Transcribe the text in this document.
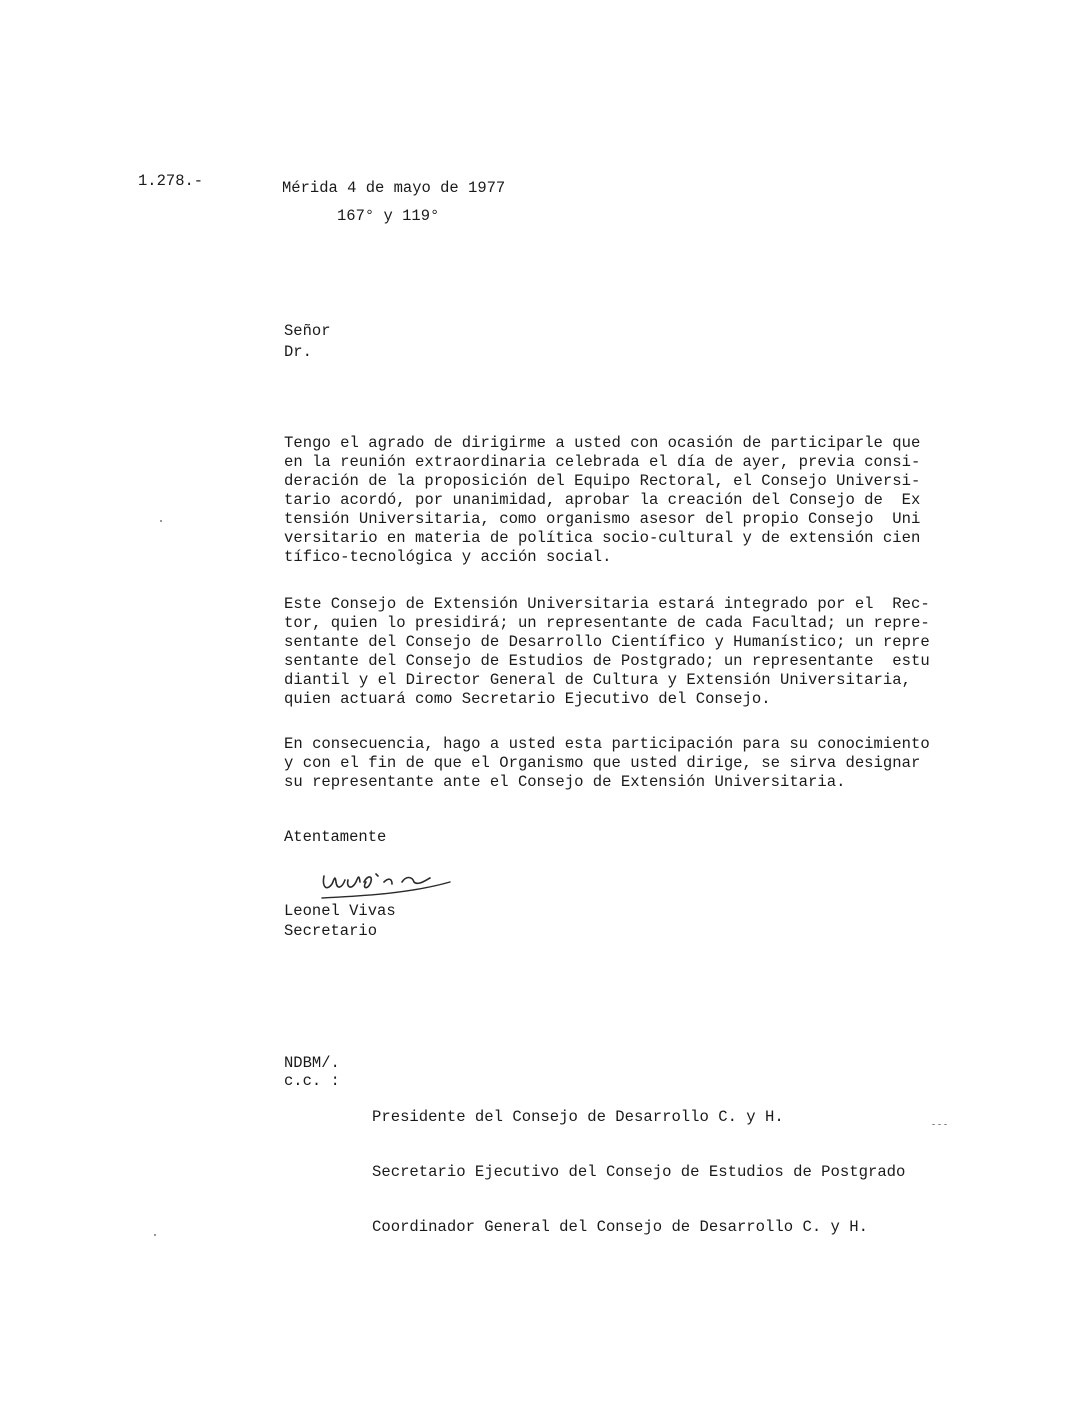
1.278.-	Mérida 4 de mayo de 1977
167° y 119°
Señor
Dr.
Tengo el agrado de dirigirme a usted con ocasión de participarle que
en la reunión extraordinaria celebrada el día de ayer, previa consi-
deración de la proposición del Equipo Rectoral, el Consejo Universi-
tario acordó, por unanimidad, aprobar la creación del Consejo de  Ex
tensión Universitaria, como organismo asesor del propio Consejo  Uni
versitario en materia de política socio-cultural y de extensión cien
tífico-tecnológica y acción social.
Este Consejo de Extensión Universitaria estará integrado por el  Rec-
tor, quien lo presidirá; un representante de cada Facultad; un repre-
sentante del Consejo de Desarrollo Científico y Humanístico; un repre
sentante del Consejo de Estudios de Postgrado; un representante  estu
diantil y el Director General de Cultura y Extensión Universitaria,
quien actuará como Secretario Ejecutivo del Consejo.
En consecuencia, hago a usted esta participación para su conocimiento
y con el fin de que el Organismo que usted dirige, se sirva designar
su representante ante el Consejo de Extensión Universitaria.
Atentamente
Leonel Vivas
Secretario
NDBM/.
c.c. :

Presidente del Consejo de Desarrollo C. y H.

Secretario Ejecutivo del Consejo de Estudios de Postgrado

Coordinador General del Consejo de Desarrollo C. y H.
